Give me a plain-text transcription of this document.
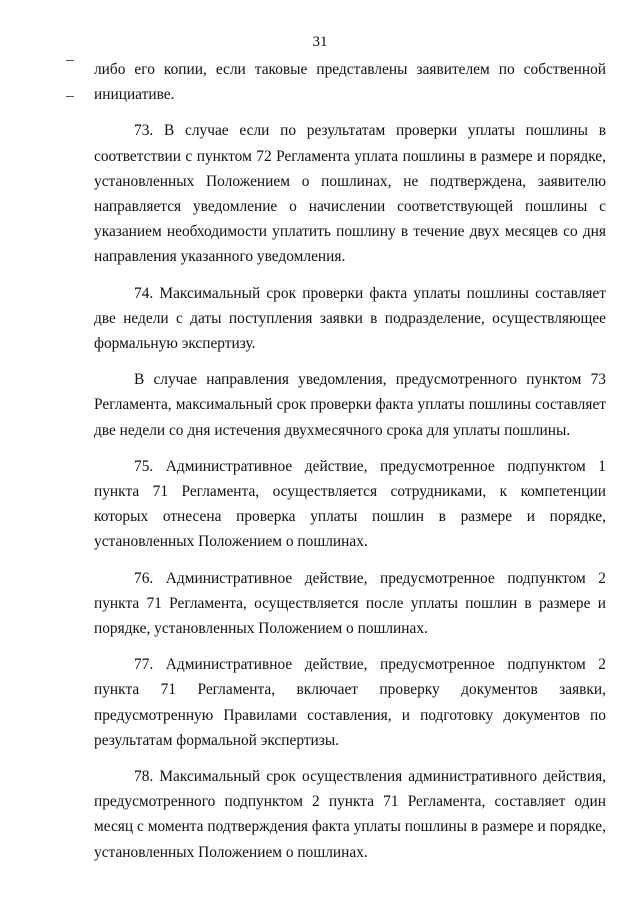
31

либо его копии, если таковые представлены заявителем по собственной инициативе.

73. В случае если по результатам проверки уплаты пошлины в соответствии с пунктом 72 Регламента уплата пошлины в размере и порядке, установленных Положением о пошлинах, не подтверждена, заявителю направляется уведомление о начислении соответствующей пошлины с указанием необходимости уплатить пошлину в течение двух месяцев со дня направления указанного уведомления.

74. Максимальный срок проверки факта уплаты пошлины составляет две недели с даты поступления заявки в подразделение, осуществляющее формальную экспертизу.

В случае направления уведомления, предусмотренного пунктом 73 Регламента, максимальный срок проверки факта уплаты пошлины составляет две недели со дня истечения двухмесячного срока для уплаты пошлины.

75. Административное действие, предусмотренное подпунктом 1 пункта 71 Регламента, осуществляется сотрудниками, к компетенции которых отнесена проверка уплаты пошлин в размере и порядке, установленных Положением о пошлинах.

76. Административное действие, предусмотренное подпунктом 2 пункта 71 Регламента, осуществляется после уплаты пошлин в размере и порядке, установленных Положением о пошлинах.

77. Административное действие, предусмотренное подпунктом 2 пункта 71 Регламента, включает проверку документов заявки, предусмотренную Правилами составления, и подготовку документов по результатам формальной экспертизы.

78. Максимальный срок осуществления административного действия, предусмотренного подпунктом 2 пункта 71 Регламента, составляет один месяц с момента подтверждения факта уплаты пошлины в размере и порядке, установленных Положением о пошлинах.
